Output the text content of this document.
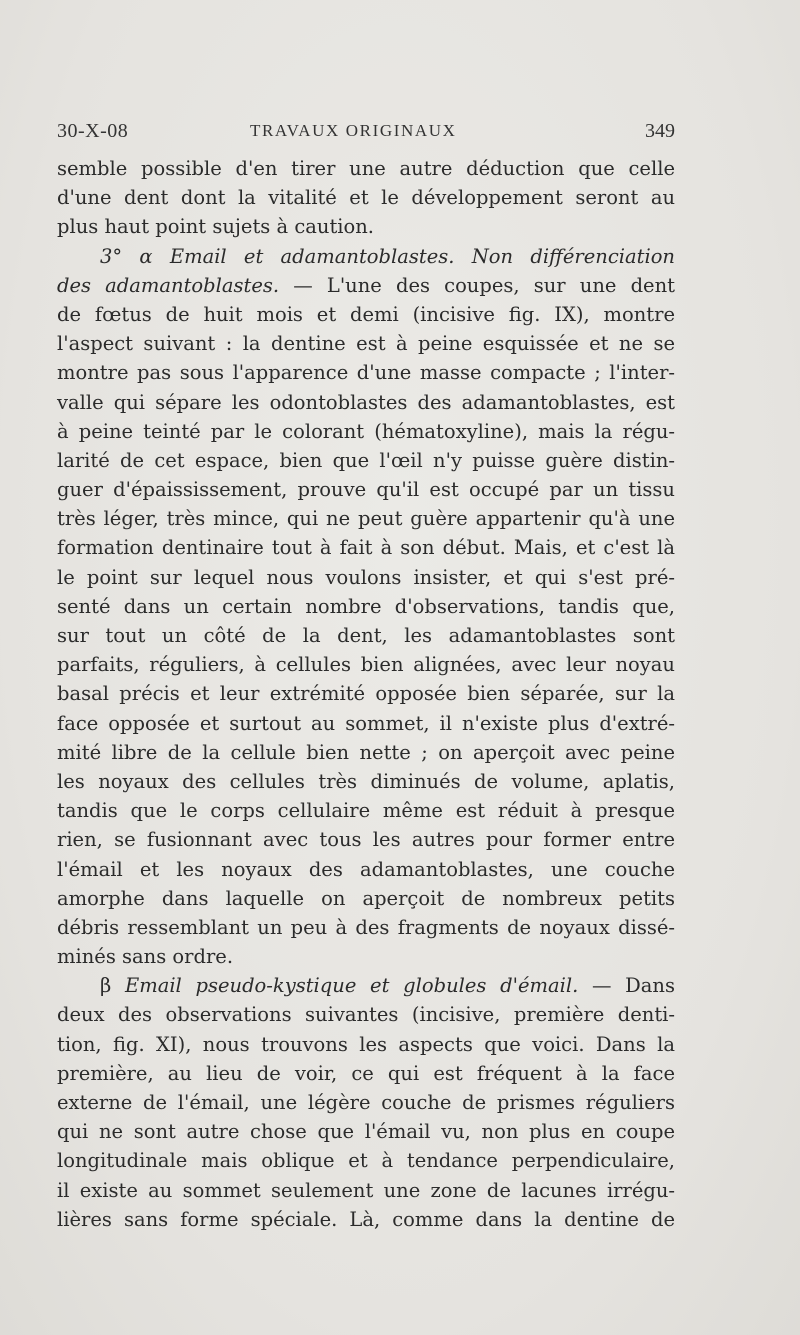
30-X-08	TRAVAUX ORIGINAUX	349
semble possible d'en tirer une autre déduction que celle
d'une dent dont la vitalité et le développement seront au
plus haut point sujets à caution.
3° α Email et adamantoblastes. Non différenciation
des adamantoblastes. — L'une des coupes, sur une dent
de fœtus de huit mois et demi (incisive fig. IX), montre
l'aspect suivant : la dentine est à peine esquissée et ne se
montre pas sous l'apparence d'une masse compacte ; l'inter-
valle qui sépare les odontoblastes des adamantoblastes, est
à peine teinté par le colorant (hématoxyline), mais la régu-
larité de cet espace, bien que l'œil n'y puisse guère distin-
guer d'épaississement, prouve qu'il est occupé par un tissu
très léger, très mince, qui ne peut guère appartenir qu'à une
formation dentinaire tout à fait à son début. Mais, et c'est là
le point sur lequel nous voulons insister, et qui s'est pré-
senté dans un certain nombre d'observations, tandis que,
sur tout un côté de la dent, les adamantoblastes sont
parfaits, réguliers, à cellules bien alignées, avec leur noyau
basal précis et leur extrémité opposée bien séparée, sur la
face opposée et surtout au sommet, il n'existe plus d'extré-
mité libre de la cellule bien nette ; on aperçoit avec peine
les noyaux des cellules très diminués de volume, aplatis,
tandis que le corps cellulaire même est réduit à presque
rien, se fusionnant avec tous les autres pour former entre
l'émail et les noyaux des adamantoblastes, une couche
amorphe dans laquelle on aperçoit de nombreux petits
débris ressemblant un peu à des fragments de noyaux dissé-
minés sans ordre.
β Email pseudo-kystique et globules d'émail. — Dans
deux des observations suivantes (incisive, première denti-
tion, fig. XI), nous trouvons les aspects que voici. Dans la
première, au lieu de voir, ce qui est fréquent à la face
externe de l'émail, une légère couche de prismes réguliers
qui ne sont autre chose que l'émail vu, non plus en coupe
longitudinale mais oblique et à tendance perpendiculaire,
il existe au sommet seulement une zone de lacunes irrégu-
lières sans forme spéciale. Là, comme dans la dentine de
